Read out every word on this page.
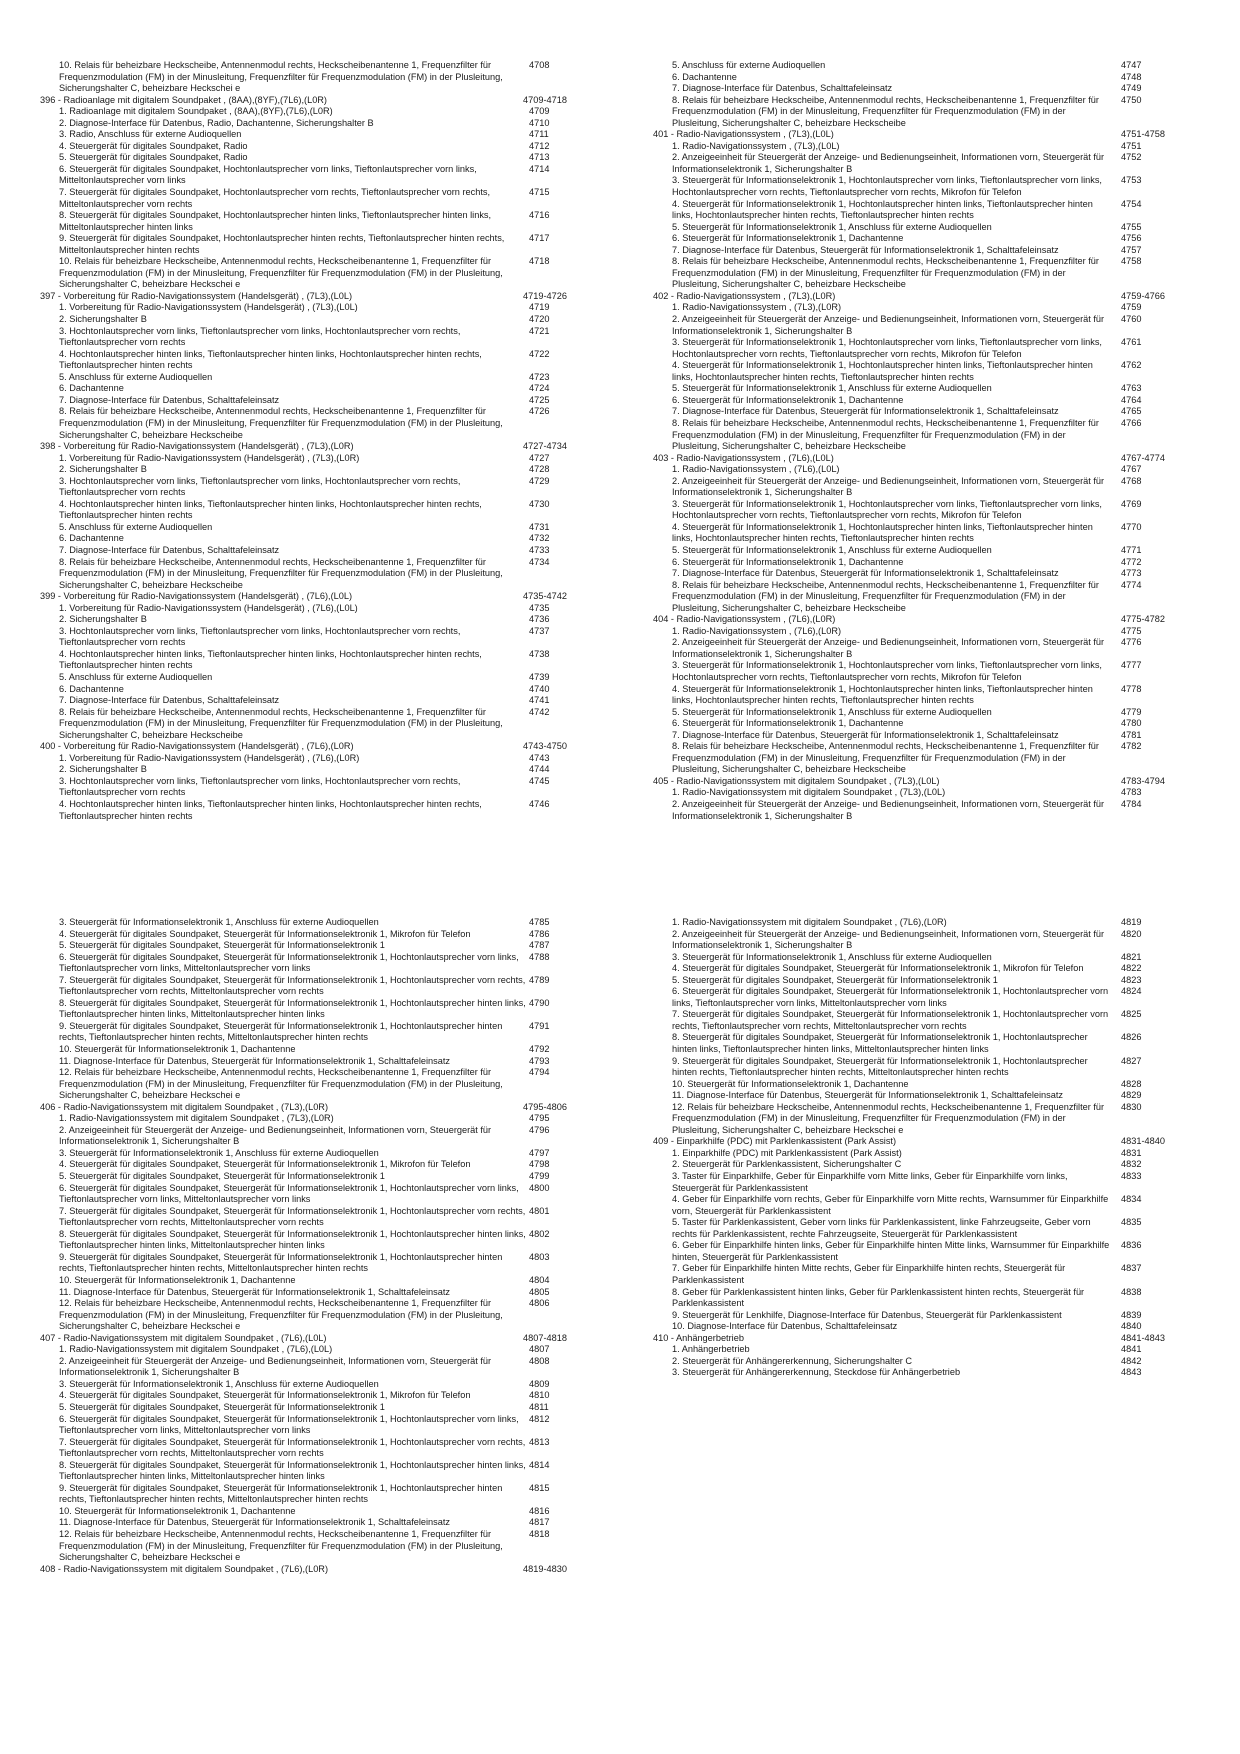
10. Relais für beheizbare Heckscheibe, Antennenmodul rechts, Heckscheibenantenne 1, Frequenzfilter für Frequenzmodulation (FM) in der Minusleitung, Frequenzfilter für Frequenzmodulation (FM) in der Plusleitung, Sicherungshalter C, beheizbare Heckschei e
4708
396 - Radioanlage mit digitalem Soundpaket , (8AA),(8YF),(7L6),(L0R)	4709-4718
1. Radioanlage mit digitalem Soundpaket , (8AA),(8YF),(7L6),(L0R)	4709
2. Diagnose-Interface für Datenbus, Radio, Dachantenne, Sicherungshalter B	4710
3. Radio, Anschluss für externe Audioquellen	4711
4. Steuergerät für digitales Soundpaket, Radio	4712
5. Steuergerät für digitales Soundpaket, Radio	4713
6. Steuergerät für digitales Soundpaket, Hochtonlautsprecher vorn links, Tieftonlautsprecher vorn links, Mitteltonlautsprecher vorn links
4714
7. Steuergerät für digitales Soundpaket, Hochtonlautsprecher vorn rechts, Tieftonlautsprecher vorn rechts, Mitteltonlautsprecher vorn rechts
4715
8. Steuergerät für digitales Soundpaket, Hochtonlautsprecher hinten links, Tieftonlautsprecher hinten links, Mitteltonlautsprecher hinten links
4716
9. Steuergerät für digitales Soundpaket, Hochtonlautsprecher hinten rechts, Tieftonlautsprecher hinten rechts, Mitteltonlautsprecher hinten rechts
4717
10. Relais für beheizbare Heckscheibe, Antennenmodul rechts, Heckscheibenantenne 1, Frequenzfilter für Frequenzmodulation (FM) in der Minusleitung, Frequenzfilter für Frequenzmodulation (FM) in der Plusleitung, Sicherungshalter C, beheizbare Heckschei e
4718
397 - Vorbereitung für Radio-Navigationssystem (Handelsgerät) , (7L3),(L0L)	4719-4726
1. Vorbereitung für Radio-Navigationssystem (Handelsgerät) , (7L3),(L0L)	4719
2. Sicherungshalter B	4720
3. Hochtonlautsprecher vorn links, Tieftonlautsprecher vorn links, Hochtonlautsprecher vorn rechts, Tieftonlautsprecher vorn rechts
4721
4. Hochtonlautsprecher hinten links, Tieftonlautsprecher hinten links, Hochtonlautsprecher hinten rechts, Tieftonlautsprecher hinten rechts
4722
5. Anschluss für externe Audioquellen	4723
6. Dachantenne	4724
7. Diagnose-Interface für Datenbus, Schalttafeleinsatz	4725
8. Relais für beheizbare Heckscheibe, Antennenmodul rechts, Heckscheibenantenne 1, Frequenzfilter für Frequenzmodulation (FM) in der Minusleitung, Frequenzfilter für Frequenzmodulation (FM) in der Plusleitung, Sicherungshalter C, beheizbare Heckscheibe
4726
398 - Vorbereitung für Radio-Navigationssystem (Handelsgerät) , (7L3),(L0R)	4727-4734
1. Vorbereitung für Radio-Navigationssystem (Handelsgerät) , (7L3),(L0R)	4727
2. Sicherungshalter B	4728
3. Hochtonlautsprecher vorn links, Tieftonlautsprecher vorn links, Hochtonlautsprecher vorn rechts, Tieftonlautsprecher vorn rechts
4729
4. Hochtonlautsprecher hinten links, Tieftonlautsprecher hinten links, Hochtonlautsprecher hinten rechts, Tieftonlautsprecher hinten rechts
4730
5. Anschluss für externe Audioquellen	4731
6. Dachantenne	4732
7. Diagnose-Interface für Datenbus, Schalttafeleinsatz	4733
8. Relais für beheizbare Heckscheibe, Antennenmodul rechts, Heckscheibenantenne 1, Frequenzfilter für Frequenzmodulation (FM) in der Minusleitung, Frequenzfilter für Frequenzmodulation (FM) in der Plusleitung, Sicherungshalter C, beheizbare Heckscheibe
4734
399 - Vorbereitung für Radio-Navigationssystem (Handelsgerät) , (7L6),(L0L)	4735-4742
1. Vorbereitung für Radio-Navigationssystem (Handelsgerät) , (7L6),(L0L)	4735
2. Sicherungshalter B	4736
3. Hochtonlautsprecher vorn links, Tieftonlautsprecher vorn links, Hochtonlautsprecher vorn rechts, Tieftonlautsprecher vorn rechts
4737
4. Hochtonlautsprecher hinten links, Tieftonlautsprecher hinten links, Hochtonlautsprecher hinten rechts, Tieftonlautsprecher hinten rechts
4738
5. Anschluss für externe Audioquellen	4739
6. Dachantenne	4740
7. Diagnose-Interface für Datenbus, Schalttafeleinsatz	4741
8. Relais für beheizbare Heckscheibe, Antennenmodul rechts, Heckscheibenantenne 1, Frequenzfilter für Frequenzmodulation (FM) in der Minusleitung, Frequenzfilter für Frequenzmodulation (FM) in der Plusleitung, Sicherungshalter C, beheizbare Heckscheibe
4742
400 - Vorbereitung für Radio-Navigationssystem (Handelsgerät) , (7L6),(L0R)	4743-4750
1. Vorbereitung für Radio-Navigationssystem (Handelsgerät) , (7L6),(L0R)	4743
2. Sicherungshalter B	4744
3. Hochtonlautsprecher vorn links, Tieftonlautsprecher vorn links, Hochtonlautsprecher vorn rechts, Tieftonlautsprecher vorn rechts
4745
4. Hochtonlautsprecher hinten links, Tieftonlautsprecher hinten links, Hochtonlautsprecher hinten rechts, Tieftonlautsprecher hinten rechts
4746
5. Anschluss für externe Audioquellen	4747
6. Dachantenne	4748
7. Diagnose-Interface für Datenbus, Schalttafeleinsatz	4749
8. Relais für beheizbare Heckscheibe, Antennenmodul rechts, Heckscheibenantenne 1, Frequenzfilter für Frequenzmodulation (FM) in der Minusleitung, Frequenzfilter für Frequenzmodulation (FM) in der Plusleitung, Sicherungshalter C, beheizbare Heckscheibe
4750
401 - Radio-Navigationssystem , (7L3),(L0L)	4751-4758
1. Radio-Navigationssystem , (7L3),(L0L)	4751
2. Anzeigeeinheit für Steuergerät der Anzeige- und Bedienungseinheit, Informationen vorn, Steuergerät für Informationselektronik 1, Sicherungshalter B
4752
3. Steuergerät für Informationselektronik 1, Hochtonlautsprecher vorn links, Tieftonlautsprecher vorn links, Hochtonlautsprecher vorn rechts, Tieftonlautsprecher vorn rechts, Mikrofon für Telefon
4753
4. Steuergerät für Informationselektronik 1, Hochtonlautsprecher hinten links, Tieftonlautsprecher hinten links, Hochtonlautsprecher hinten rechts, Tieftonlautsprecher hinten rechts
4754
5. Steuergerät für Informationselektronik 1, Anschluss für externe Audioquellen	4755
6. Steuergerät für Informationselektronik 1, Dachantenne	4756
7. Diagnose-Interface für Datenbus, Steuergerät für Informationselektronik 1, Schalttafeleinsatz	4757
8. Relais für beheizbare Heckscheibe, Antennenmodul rechts, Heckscheibenantenne 1, Frequenzfilter für Frequenzmodulation (FM) in der Minusleitung, Frequenzfilter für Frequenzmodulation (FM) in der Plusleitung, Sicherungshalter C, beheizbare Heckscheibe
4758
402 - Radio-Navigationssystem , (7L3),(L0R)	4759-4766
1. Radio-Navigationssystem , (7L3),(L0R)	4759
2. Anzeigeeinheit für Steuergerät der Anzeige- und Bedienungseinheit, Informationen vorn, Steuergerät für Informationselektronik 1, Sicherungshalter B
4760
3. Steuergerät für Informationselektronik 1, Hochtonlautsprecher vorn links, Tieftonlautsprecher vorn links, Hochtonlautsprecher vorn rechts, Tieftonlautsprecher vorn rechts, Mikrofon für Telefon
4761
4. Steuergerät für Informationselektronik 1, Hochtonlautsprecher hinten links, Tieftonlautsprecher hinten links, Hochtonlautsprecher hinten rechts, Tieftonlautsprecher hinten rechts
4762
5. Steuergerät für Informationselektronik 1, Anschluss für externe Audioquellen	4763
6. Steuergerät für Informationselektronik 1, Dachantenne	4764
7. Diagnose-Interface für Datenbus, Steuergerät für Informationselektronik 1, Schalttafeleinsatz	4765
8. Relais für beheizbare Heckscheibe, Antennenmodul rechts, Heckscheibenantenne 1, Frequenzfilter für Frequenzmodulation (FM) in der Minusleitung, Frequenzfilter für Frequenzmodulation (FM) in der Plusleitung, Sicherungshalter C, beheizbare Heckscheibe
4766
403 - Radio-Navigationssystem , (7L6),(L0L)	4767-4774
1. Radio-Navigationssystem , (7L6),(L0L)	4767
2. Anzeigeeinheit für Steuergerät der Anzeige- und Bedienungseinheit, Informationen vorn, Steuergerät für Informationselektronik 1, Sicherungshalter B
4768
3. Steuergerät für Informationselektronik 1, Hochtonlautsprecher vorn links, Tieftonlautsprecher vorn links, Hochtonlautsprecher vorn rechts, Tieftonlautsprecher vorn rechts, Mikrofon für Telefon
4769
4. Steuergerät für Informationselektronik 1, Hochtonlautsprecher hinten links, Tieftonlautsprecher hinten links, Hochtonlautsprecher hinten rechts, Tieftonlautsprecher hinten rechts
4770
5. Steuergerät für Informationselektronik 1, Anschluss für externe Audioquellen	4771
6. Steuergerät für Informationselektronik 1, Dachantenne	4772
7. Diagnose-Interface für Datenbus, Steuergerät für Informationselektronik 1, Schalttafeleinsatz	4773
8. Relais für beheizbare Heckscheibe, Antennenmodul rechts, Heckscheibenantenne 1, Frequenzfilter für Frequenzmodulation (FM) in der Minusleitung, Frequenzfilter für Frequenzmodulation (FM) in der Plusleitung, Sicherungshalter C, beheizbare Heckscheibe
4774
404 - Radio-Navigationssystem , (7L6),(L0R)	4775-4782
1. Radio-Navigationssystem , (7L6),(L0R)	4775
2. Anzeigeeinheit für Steuergerät der Anzeige- und Bedienungseinheit, Informationen vorn, Steuergerät für Informationselektronik 1, Sicherungshalter B
4776
3. Steuergerät für Informationselektronik 1, Hochtonlautsprecher vorn links, Tieftonlautsprecher vorn links, Hochtonlautsprecher vorn rechts, Tieftonlautsprecher vorn rechts, Mikrofon für Telefon
4777
4. Steuergerät für Informationselektronik 1, Hochtonlautsprecher hinten links, Tieftonlautsprecher hinten links, Hochtonlautsprecher hinten rechts, Tieftonlautsprecher hinten rechts
4778
5. Steuergerät für Informationselektronik 1, Anschluss für externe Audioquellen	4779
6. Steuergerät für Informationselektronik 1, Dachantenne	4780
7. Diagnose-Interface für Datenbus, Steuergerät für Informationselektronik 1, Schalttafeleinsatz	4781
8. Relais für beheizbare Heckscheibe, Antennenmodul rechts, Heckscheibenantenne 1, Frequenzfilter für Frequenzmodulation (FM) in der Minusleitung, Frequenzfilter für Frequenzmodulation (FM) in der Plusleitung, Sicherungshalter C, beheizbare Heckscheibe
4782
405 - Radio-Navigationssystem mit digitalem Soundpaket , (7L3),(L0L)	4783-4794
1. Radio-Navigationssystem mit digitalem Soundpaket , (7L3),(L0L)	4783
2. Anzeigeeinheit für Steuergerät der Anzeige- und Bedienungseinheit, Informationen vorn, Steuergerät für Informationselektronik 1, Sicherungshalter B
4784
3. Steuergerät für Informationselektronik 1, Anschluss für externe Audioquellen	4785
4. Steuergerät für digitales Soundpaket, Steuergerät für Informationselektronik 1, Mikrofon für Telefon	4786
5. Steuergerät für digitales Soundpaket, Steuergerät für Informationselektronik 1	4787
6. Steuergerät für digitales Soundpaket, Steuergerät für Informationselektronik 1, Hochtonlautsprecher vorn links, Tieftonlautsprecher vorn links, Mitteltonlautsprecher vorn links
4788
7. Steuergerät für digitales Soundpaket, Steuergerät für Informationselektronik 1, Hochtonlautsprecher vorn rechts, Tieftonlautsprecher vorn rechts, Mitteltonlautsprecher vorn rechts
4789
8. Steuergerät für digitales Soundpaket, Steuergerät für Informationselektronik 1, Hochtonlautsprecher hinten links, Tieftonlautsprecher hinten links, Mitteltonlautsprecher hinten links
4790
9. Steuergerät für digitales Soundpaket, Steuergerät für Informationselektronik 1, Hochtonlautsprecher hinten rechts, Tieftonlautsprecher hinten rechts, Mitteltonlautsprecher hinten rechts
4791
10. Steuergerät für Informationselektronik 1, Dachantenne	4792
11. Diagnose-Interface für Datenbus, Steuergerät für Informationselektronik 1, Schalttafeleinsatz	4793
12. Relais für beheizbare Heckscheibe, Antennenmodul rechts, Heckscheibenantenne 1, Frequenzfilter für Frequenzmodulation (FM) in der Minusleitung, Frequenzfilter für Frequenzmodulation (FM) in der Plusleitung, Sicherungshalter C, beheizbare Heckschei e
4794
406 - Radio-Navigationssystem mit digitalem Soundpaket , (7L3),(L0R)	4795-4806
1. Radio-Navigationssystem mit digitalem Soundpaket , (7L3),(L0R)	4795
2. Anzeigeeinheit für Steuergerät der Anzeige- und Bedienungseinheit, Informationen vorn, Steuergerät für Informationselektronik 1, Sicherungshalter B
4796
3. Steuergerät für Informationselektronik 1, Anschluss für externe Audioquellen	4797
4. Steuergerät für digitales Soundpaket, Steuergerät für Informationselektronik 1, Mikrofon für Telefon	4798
5. Steuergerät für digitales Soundpaket, Steuergerät für Informationselektronik 1	4799
6. Steuergerät für digitales Soundpaket, Steuergerät für Informationselektronik 1, Hochtonlautsprecher vorn links, Tieftonlautsprecher vorn links, Mitteltonlautsprecher vorn links
4800
7. Steuergerät für digitales Soundpaket, Steuergerät für Informationselektronik 1, Hochtonlautsprecher vorn rechts, Tieftonlautsprecher vorn rechts, Mitteltonlautsprecher vorn rechts
4801
8. Steuergerät für digitales Soundpaket, Steuergerät für Informationselektronik 1, Hochtonlautsprecher hinten links, Tieftonlautsprecher hinten links, Mitteltonlautsprecher hinten links
4802
9. Steuergerät für digitales Soundpaket, Steuergerät für Informationselektronik 1, Hochtonlautsprecher hinten rechts, Tieftonlautsprecher hinten rechts, Mitteltonlautsprecher hinten rechts
4803
10. Steuergerät für Informationselektronik 1, Dachantenne	4804
11. Diagnose-Interface für Datenbus, Steuergerät für Informationselektronik 1, Schalttafeleinsatz	4805
12. Relais für beheizbare Heckscheibe, Antennenmodul rechts, Heckscheibenantenne 1, Frequenzfilter für Frequenzmodulation (FM) in der Minusleitung, Frequenzfilter für Frequenzmodulation (FM) in der Plusleitung, Sicherungshalter C, beheizbare Heckschei e
4806
407 - Radio-Navigationssystem mit digitalem Soundpaket , (7L6),(L0L)	4807-4818
1. Radio-Navigationssystem mit digitalem Soundpaket , (7L6),(L0L)	4807
2. Anzeigeeinheit für Steuergerät der Anzeige- und Bedienungseinheit, Informationen vorn, Steuergerät für Informationselektronik 1, Sicherungshalter B
4808
3. Steuergerät für Informationselektronik 1, Anschluss für externe Audioquellen	4809
4. Steuergerät für digitales Soundpaket, Steuergerät für Informationselektronik 1, Mikrofon für Telefon	4810
5. Steuergerät für digitales Soundpaket, Steuergerät für Informationselektronik 1	4811
6. Steuergerät für digitales Soundpaket, Steuergerät für Informationselektronik 1, Hochtonlautsprecher vorn links, Tieftonlautsprecher vorn links, Mitteltonlautsprecher vorn links
4812
7. Steuergerät für digitales Soundpaket, Steuergerät für Informationselektronik 1, Hochtonlautsprecher vorn rechts, Tieftonlautsprecher vorn rechts, Mitteltonlautsprecher vorn rechts
4813
8. Steuergerät für digitales Soundpaket, Steuergerät für Informationselektronik 1, Hochtonlautsprecher hinten links, Tieftonlautsprecher hinten links, Mitteltonlautsprecher hinten links
4814
9. Steuergerät für digitales Soundpaket, Steuergerät für Informationselektronik 1, Hochtonlautsprecher hinten rechts, Tieftonlautsprecher hinten rechts, Mitteltonlautsprecher hinten rechts
4815
10. Steuergerät für Informationselektronik 1, Dachantenne	4816
11. Diagnose-Interface für Datenbus, Steuergerät für Informationselektronik 1, Schalttafeleinsatz	4817
12. Relais für beheizbare Heckscheibe, Antennenmodul rechts, Heckscheibenantenne 1, Frequenzfilter für Frequenzmodulation (FM) in der Minusleitung, Frequenzfilter für Frequenzmodulation (FM) in der Plusleitung, Sicherungshalter C, beheizbare Heckschei e
4818
408 - Radio-Navigationssystem mit digitalem Soundpaket , (7L6),(L0R)	4819-4830
1. Radio-Navigationssystem mit digitalem Soundpaket , (7L6),(L0R)	4819
2. Anzeigeeinheit für Steuergerät der Anzeige- und Bedienungseinheit, Informationen vorn, Steuergerät für Informationselektronik 1, Sicherungshalter B
4820
3. Steuergerät für Informationselektronik 1, Anschluss für externe Audioquellen	4821
4. Steuergerät für digitales Soundpaket, Steuergerät für Informationselektronik 1, Mikrofon für Telefon	4822
5. Steuergerät für digitales Soundpaket, Steuergerät für Informationselektronik 1	4823
6. Steuergerät für digitales Soundpaket, Steuergerät für Informationselektronik 1, Hochtonlautsprecher vorn links, Tieftonlautsprecher vorn links, Mitteltonlautsprecher vorn links
4824
7. Steuergerät für digitales Soundpaket, Steuergerät für Informationselektronik 1, Hochtonlautsprecher vorn rechts, Tieftonlautsprecher vorn rechts, Mitteltonlautsprecher vorn rechts
4825
8. Steuergerät für digitales Soundpaket, Steuergerät für Informationselektronik 1, Hochtonlautsprecher hinten links, Tieftonlautsprecher hinten links, Mitteltonlautsprecher hinten links
4826
9. Steuergerät für digitales Soundpaket, Steuergerät für Informationselektronik 1, Hochtonlautsprecher hinten rechts, Tieftonlautsprecher hinten rechts, Mitteltonlautsprecher hinten rechts
4827
10. Steuergerät für Informationselektronik 1, Dachantenne	4828
11. Diagnose-Interface für Datenbus, Steuergerät für Informationselektronik 1, Schalttafeleinsatz	4829
12. Relais für beheizbare Heckscheibe, Antennenmodul rechts, Heckscheibenantenne 1, Frequenzfilter für Frequenzmodulation (FM) in der Minusleitung, Frequenzfilter für Frequenzmodulation (FM) in der Plusleitung, Sicherungshalter C, beheizbare Heckschei e
4830
409 - Einparkhilfe (PDC) mit Parklenkassistent (Park Assist)	4831-4840
1. Einparkhilfe (PDC) mit Parklenkassistent (Park Assist)	4831
2. Steuergerät für Parklenkassistent, Sicherungshalter C	4832
3. Taster für Einparkhilfe, Geber für Einparkhilfe vorn Mitte links, Geber für Einparkhilfe vorn links, Steuergerät für Parklenkassistent
4833
4. Geber für Einparkhilfe vorn rechts, Geber für Einparkhilfe vorn Mitte rechts, Warnsummer für Einparkhilfe vorn, Steuergerät für Parklenkassistent
4834
5. Taster für Parklenkassistent, Geber vorn links für Parklenkassistent, linke Fahrzeugseite, Geber vorn rechts für Parklenkassistent, rechte Fahrzeugseite, Steuergerät für Parklenkassistent
4835
6. Geber für Einparkhilfe hinten links, Geber für Einparkhilfe hinten Mitte links, Warnsummer für Einparkhilfe hinten, Steuergerät für Parklenkassistent
4836
7. Geber für Einparkhilfe hinten Mitte rechts, Geber für Einparkhilfe hinten rechts, Steuergerät für Parklenkassistent
4837
8. Geber für Parklenkassistent hinten links, Geber für Parklenkassistent hinten rechts, Steuergerät für Parklenkassistent
4838
9. Steuergerät für Lenkhilfe, Diagnose-Interface für Datenbus, Steuergerät für Parklenkassistent	4839
10. Diagnose-Interface für Datenbus, Schalttafeleinsatz	4840
410 - Anhängerbetrieb	4841-4843
1. Anhängerbetrieb	4841
2. Steuergerät für Anhängererkennung, Sicherungshalter C	4842
3. Steuergerät für Anhängererkennung, Steckdose für Anhängerbetrieb	4843
